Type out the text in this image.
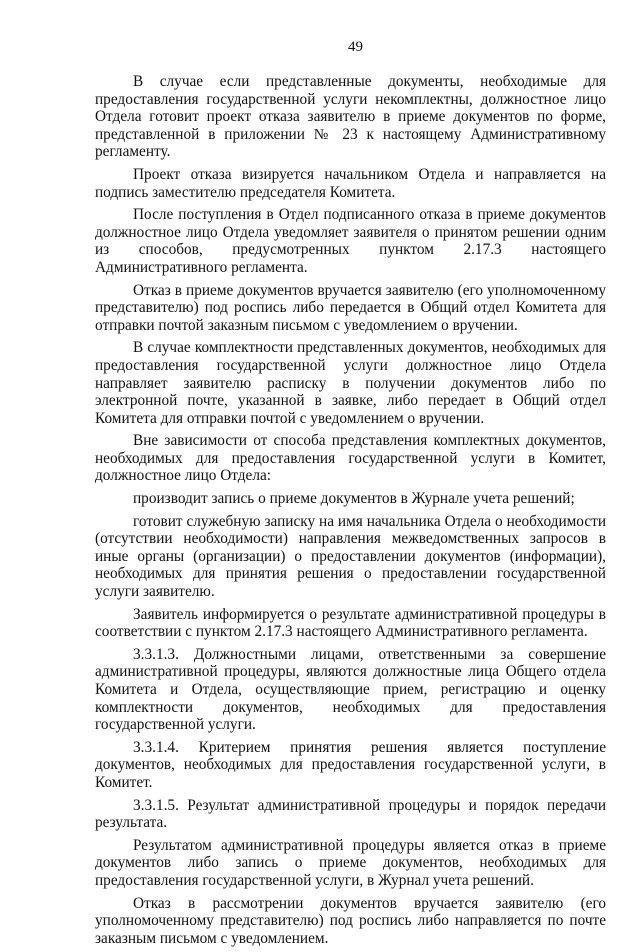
49

В случае если представленные документы, необходимые для предоставления государственной услуги некомплектны, должностное лицо Отдела готовит проект отказа заявителю в приеме документов по форме, представленной в приложении № 23 к настоящему Административному регламенту.

Проект отказа визируется начальником Отдела и направляется на подпись заместителю председателя Комитета.

После поступления в Отдел подписанного отказа в приеме документов должностное лицо Отдела уведомляет заявителя о принятом решении одним из способов, предусмотренных пунктом 2.17.3 настоящего Административного регламента.

Отказ в приеме документов вручается заявителю (его уполномоченному представителю) под роспись либо передается в Общий отдел Комитета для отправки почтой заказным письмом с уведомлением о вручении.

В случае комплектности представленных документов, необходимых для предоставления государственной услуги должностное лицо Отдела направляет заявителю расписку в получении документов либо по электронной почте, указанной в заявке, либо передает в Общий отдел Комитета для отправки почтой с уведомлением о вручении.

Вне зависимости от способа представления комплектных документов, необходимых для предоставления государственной услуги в Комитет, должностное лицо Отдела:

производит запись о приеме документов в Журнале учета решений;

готовит служебную записку на имя начальника Отдела о необходимости (отсутствии необходимости) направления межведомственных запросов в иные органы (организации) о предоставлении документов (информации), необходимых для принятия решения о предоставлении государственной услуги заявителю.

Заявитель информируется о результате административной процедуры в соответствии с пунктом 2.17.3 настоящего Административного регламента.

3.3.1.3. Должностными лицами, ответственными за совершение административной процедуры, являются должностные лица Общего отдела Комитета и Отдела, осуществляющие прием, регистрацию и оценку комплектности документов, необходимых для предоставления государственной услуги.

3.3.1.4. Критерием принятия решения является поступление документов, необходимых для предоставления государственной услуги, в Комитет.

3.3.1.5. Результат административной процедуры и порядок передачи результата.

Результатом административной процедуры является отказ в приеме документов либо запись о приеме документов, необходимых для предоставления государственной услуги, в Журнал учета решений.

Отказ в рассмотрении документов вручается заявителю (его уполномоченному представителю) под роспись либо направляется по почте заказным письмом с уведомлением.
